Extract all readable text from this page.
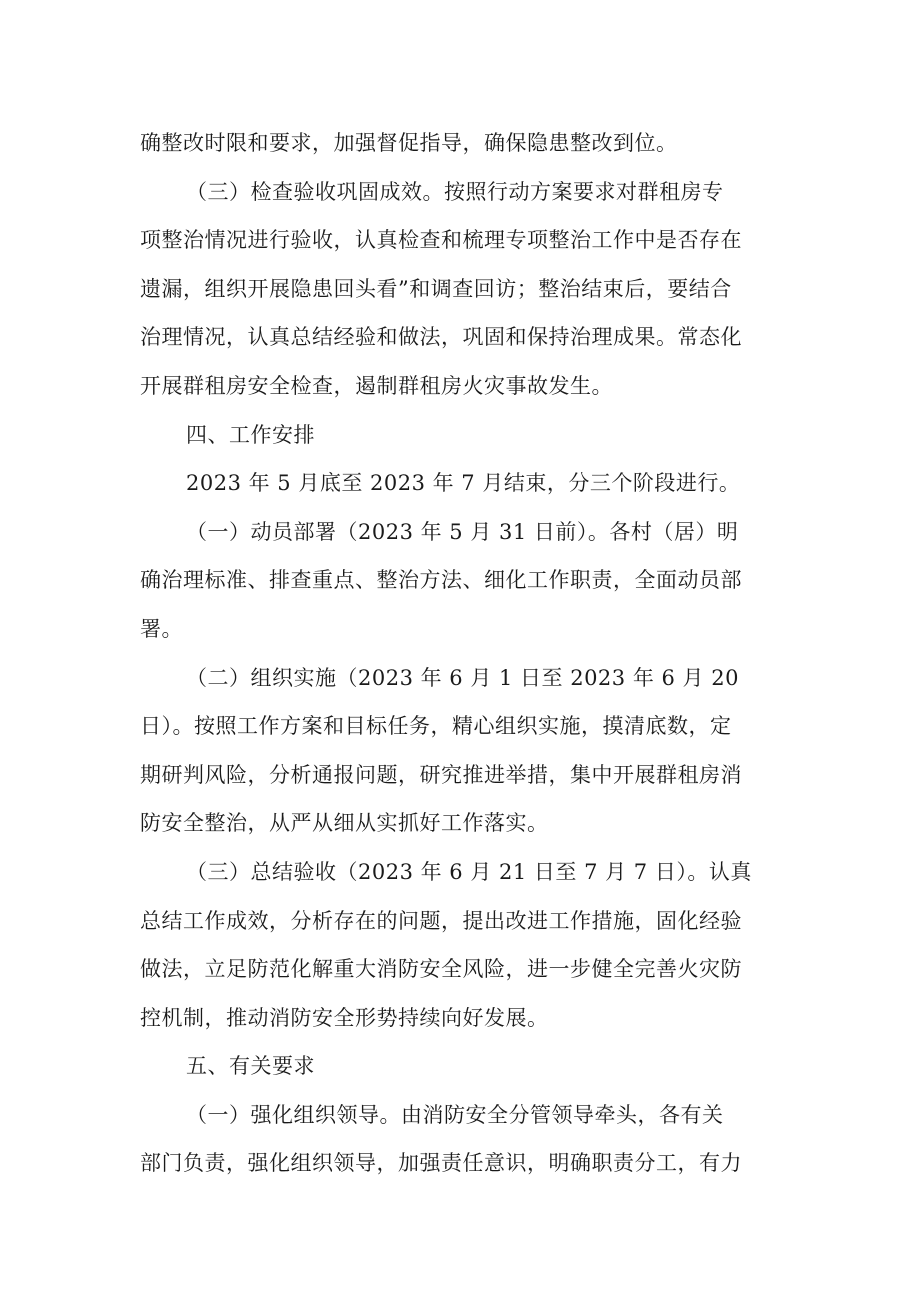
确整改时限和要求，加强督促指导，确保隐患整改到位。
（三）检查验收巩固成效。按照行动方案要求对群租房专
项整治情况进行验收，认真检查和梳理专项整治工作中是否存在
遗漏，组织开展隐患回头看”和调查回访；整治结束后，要结合
治理情况，认真总结经验和做法，巩固和保持治理成果。常态化
开展群租房安全检查，遏制群租房火灾事故发生。
四、工作安排
2023 年 5 月底至 2023 年 7 月结束，分三个阶段进行。
（一）动员部署（2023 年 5 月 31 日前）。各村（居）明
确治理标准、排查重点、整治方法、细化工作职责，全面动员部
署。
（二）组织实施（2023 年 6 月 1 日至 2023 年 6 月 20
日）。按照工作方案和目标任务，精心组织实施，摸清底数，定
期研判风险，分析通报问题，研究推进举措，集中开展群租房消
防安全整治，从严从细从实抓好工作落实。
（三）总结验收（2023 年 6 月 21 日至 7 月 7 日）。认真
总结工作成效，分析存在的问题，提出改进工作措施，固化经验
做法，立足防范化解重大消防安全风险，进一步健全完善火灾防
控机制，推动消防安全形势持续向好发展。
五、有关要求
（一）强化组织领导。由消防安全分管领导牵头，各有关
部门负责，强化组织领导，加强责任意识，明确职责分工，有力
